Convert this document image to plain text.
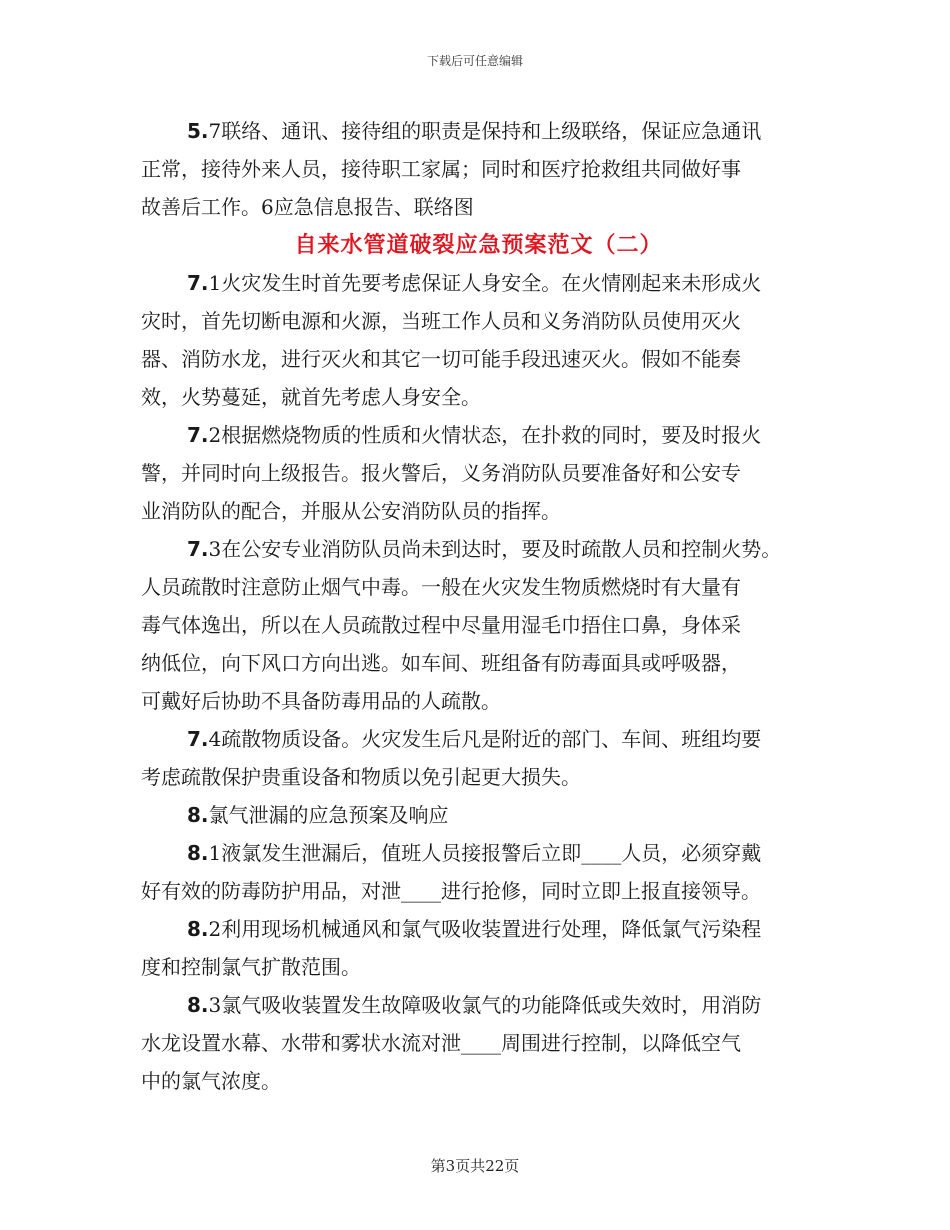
下载后可任意编辑
5.7联络、通讯、接待组的职责是保持和上级联络，保证应急通讯
正常，接待外来人员，接待职工家属；同时和医疗抢救组共同做好事
故善后工作。6应急信息报告、联络图
自来水管道破裂应急预案范文（二）
7.1火灾发生时首先要考虑保证人身安全。在火情刚起来未形成火
灾时，首先切断电源和火源，当班工作人员和义务消防队员使用灭火
器、消防水龙，进行灭火和其它一切可能手段迅速灭火。假如不能奏
效，火势蔓延，就首先考虑人身安全。
7.2根据燃烧物质的性质和火情状态，在扑救的同时，要及时报火
警，并同时向上级报告。报火警后，义务消防队员要准备好和公安专
业消防队的配合，并服从公安消防队员的指挥。
7.3在公安专业消防队员尚未到达时，要及时疏散人员和控制火势。
人员疏散时注意防止烟气中毒。一般在火灾发生物质燃烧时有大量有
毒气体逸出，所以在人员疏散过程中尽量用湿毛巾捂住口鼻，身体采
纳低位，向下风口方向出逃。如车间、班组备有防毒面具或呼吸器，
可戴好后协助不具备防毒用品的人疏散。
7.4疏散物质设备。火灾发生后凡是附近的部门、车间、班组均要
考虑疏散保护贵重设备和物质以免引起更大损失。
8.氯气泄漏的应急预案及响应
8.1液氯发生泄漏后，值班人员接报警后立即____人员，必须穿戴
好有效的防毒防护用品，对泄____进行抢修，同时立即上报直接领导。
8.2利用现场机械通风和氯气吸收装置进行处理，降低氯气污染程
度和控制氯气扩散范围。
8.3氯气吸收装置发生故障吸收氯气的功能降低或失效时，用消防
水龙设置水幕、水带和雾状水流对泄____周围进行控制，以降低空气
中的氯气浓度。
第3页共22页
